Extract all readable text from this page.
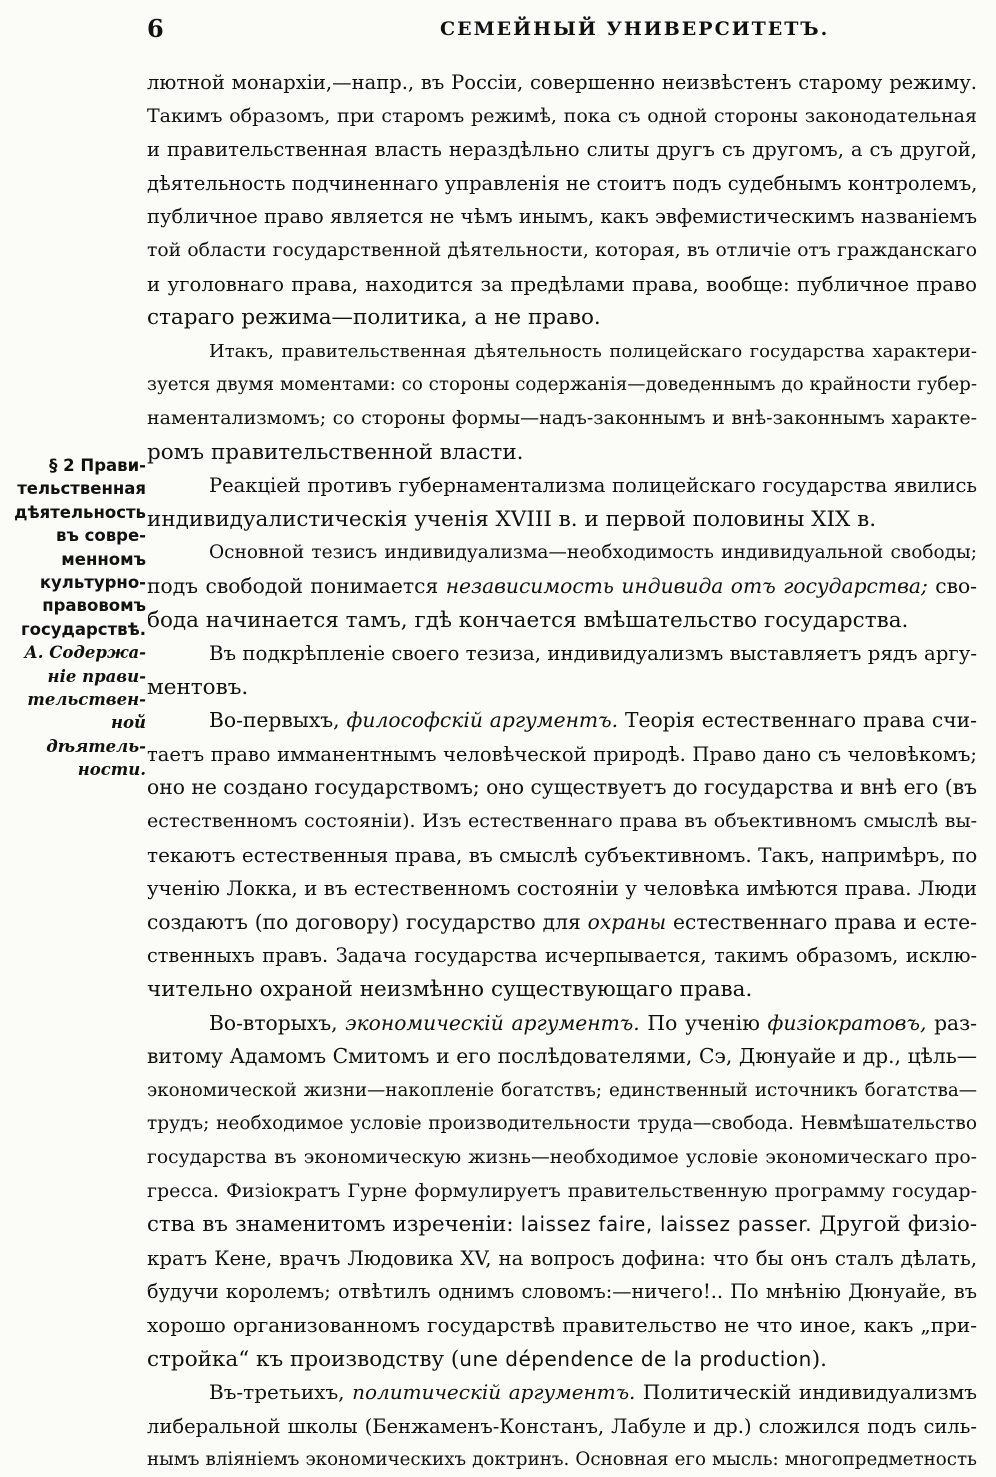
6	СЕМЕЙНЫЙ УНИВЕРСИТЕТЪ.
§ 2 Прави-
тельственная
дѣятельность
въ совре-
менномъ
культурно-
правовомъ
государствѣ.
А. Содержа-
ніе прави-
тельствен-
ной дѣятель-
ности.

лютной монархіи,—напр., въ Россіи, совершенно неизвѣстенъ старому режиму.
Такимъ образомъ, при старомъ режимѣ, пока съ одной стороны законодательная
и правительственная власть нераздѣльно слиты другъ съ другомъ, а съ другой,
дѣятельность подчиненнаго управленія не стоитъ подъ судебнымъ контролемъ,
публичное право является не чѣмъ инымъ, какъ эвфемистическимъ названіемъ
той области государственной дѣятельности, которая, въ отличіе отъ гражданскаго
и уголовнаго права, находится за предѣлами права, вообще: публичное право
стараго режима—политика, а не право.

Итакъ, правительственная дѣятельность полицейскаго государства характери-
зуется двумя моментами: со стороны содержанія—доведеннымъ до крайности губер-
наментализмомъ; со стороны формы—надъ-законнымъ и внѣ-законнымъ характе-
ромъ правительственной власти.

Реакціей противъ губернаментализма полицейскаго государства явились
индивидуалистическія ученія XVIII в. и первой половины XIX в.

Основной тезисъ индивидуализма—необходимость индивидуальной свободы;
подъ свободой понимается независимость индивида отъ государства; сво-
бода начинается тамъ, гдѣ кончается вмѣшательство государства.

Въ подкрѣпленіе своего тезиза, индивидуализмъ выставляетъ рядъ аргу-
ментовъ.

Во-первыхъ, философскій аргументъ. Теорія естественнаго права счи-
таетъ право имманентнымъ человѣческой природѣ. Право дано съ человѣкомъ;
оно не создано государствомъ; оно существуетъ до государства и внѣ его (въ
естественномъ состояніи). Изъ естественнаго права въ объективномъ смыслѣ вы-
текаютъ естественныя права, въ смыслѣ субъективномъ. Такъ, напримѣръ, по
ученію Локка, и въ естественномъ состояніи у человѣка имѣются права. Люди
создаютъ (по договору) государство для охраны естественнаго права и есте-
ственныхъ правъ. Задача государства исчерпывается, такимъ образомъ, исклю-
чительно охраной неизмѣнно существующаго права.

Во-вторыхъ, экономическій аргументъ. По ученію физіократовъ, раз-
витому Адамомъ Смитомъ и его послѣдователями, Сэ, Дюнуайе и др., цѣль—
экономической жизни—накопленіе богатствъ; единственный источникъ богатства—
трудъ; необходимое условіе производительности труда—свобода. Невмѣшательство
государства въ экономическую жизнь—необходимое условіе экономическаго про-
гресса. Физіократъ Гурне формулируетъ правительственную программу государ-
ства въ знаменитомъ изреченіи: laissez faire, laissez passer. Другой физіо-
кратъ Кене, врачъ Людовика XV, на вопросъ дофина: что бы онъ сталъ дѣлать,
будучи королемъ; отвѣтилъ однимъ словомъ:—ничего!.. По мнѣнію Дюнуайе, въ
хорошо организованномъ государствѣ правительство не что иное, какъ „при-
стройка“ къ производству (une dépendence de la production).

Въ-третьихъ, политическій аргументъ. Политическій индивидуализмъ
либеральной школы (Бенжаменъ-Констанъ, Лабуле и др.) сложился подъ силь-
нымъ вліяніемъ экономическихъ доктринъ. Основная его мысль: многопредметность
